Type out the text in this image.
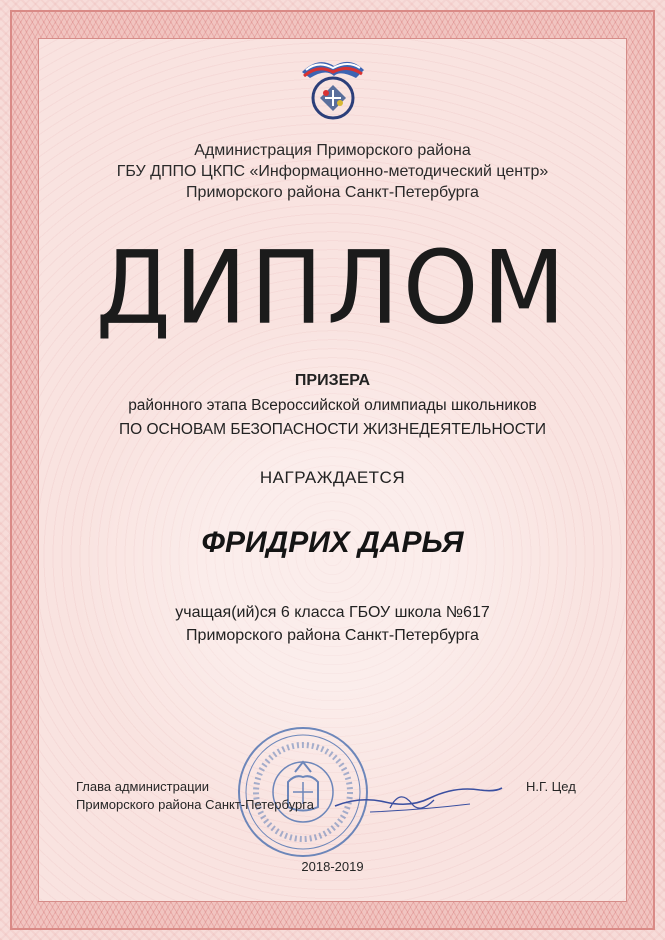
Администрация Приморского района
ГБУ ДППО ЦКПС «Информационно-методический центр»
Приморского района Санкт-Петербурга
ДИПЛОМ
ПРИЗЕРА
районного этапа Всероссийской олимпиады школьников
ПО ОСНОВАМ БЕЗОПАСНОСТИ ЖИЗНЕДЕЯТЕЛЬНОСТИ
НАГРАЖДАЕТСЯ
ФРИДРИХ ДАРЬЯ
учащая(ий)ся 6 класса ГБОУ школа №617
Приморского района Санкт-Петербурга
Глава администрации
Приморского района Санкт-Петербурга
Н.Г. Цед
2018-2019
